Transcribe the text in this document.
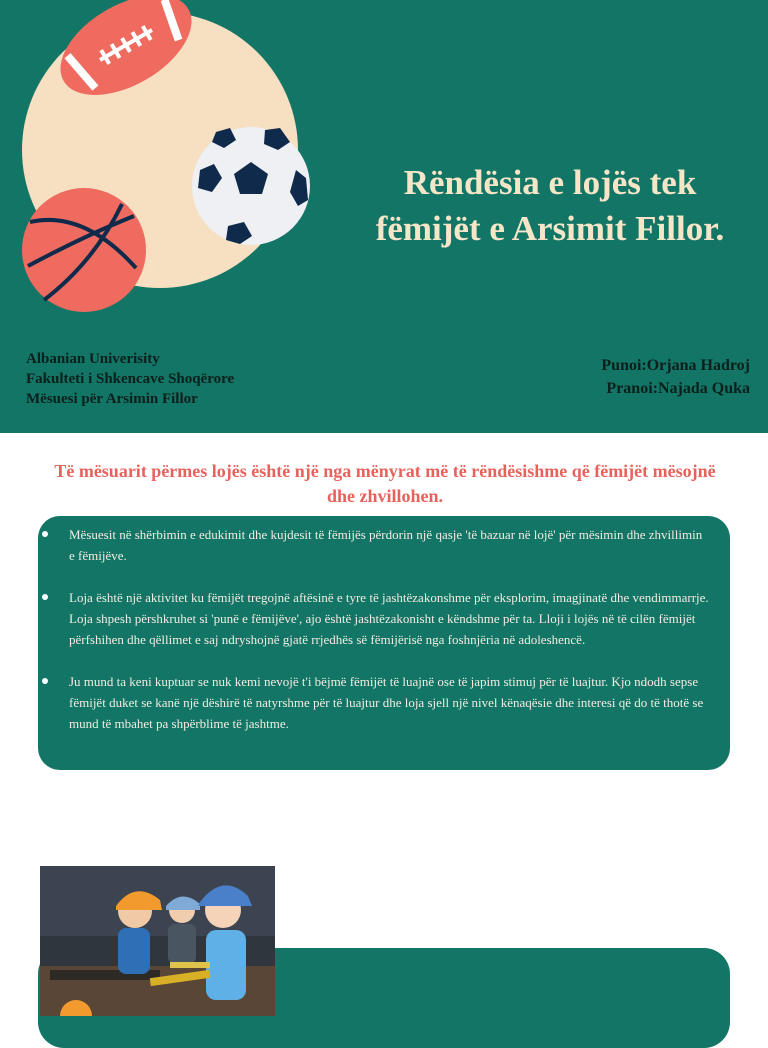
Rëndësia e lojës tek fëmijët e Arsimit Fillor.
Albanian Univerisity
Fakulteti i Shkencave Shoqërore
Mësuesi për Arsimin Fillor
Punoi:Orjana Hadroj
Pranoi:Najada Quka
Të mësuarit përmes lojës është një nga mënyrat më të rëndësishme që fëmijët mësojnë dhe zhvillohen.
Mësuesit në shërbimin e edukimit dhe kujdesit të fëmijës përdorin një qasje 'të bazuar në lojë' për mësimin dhe zhvillimin e fëmijëve.
Loja është një aktivitet ku fëmijët tregojnë aftësinë e tyre të jashtëzakonshme për eksplorim, imagjinatë dhe vendimmarrje. Loja shpesh përshkruhet si 'punë e fëmijëve', ajo është jashtëzakonisht e këndshme për ta. Lloji i lojës në të cilën fëmijët përfshihen dhe qëllimet e saj ndryshojnë gjatë rrjedhës së fëmijërisë nga foshnjëria në adoleshencë.
Ju mund ta keni kuptuar se nuk kemi nevojë t'i bëjmë fëmijët të luajnë ose të japim stimuj për të luajtur. Kjo ndodh sepse fëmijët duket se kanë një dëshirë të natyrshme për të luajtur dhe loja sjell një nivel kënaqësie dhe interesi që do të thotë se mund të mbahet pa shpërblime të jashtme.
